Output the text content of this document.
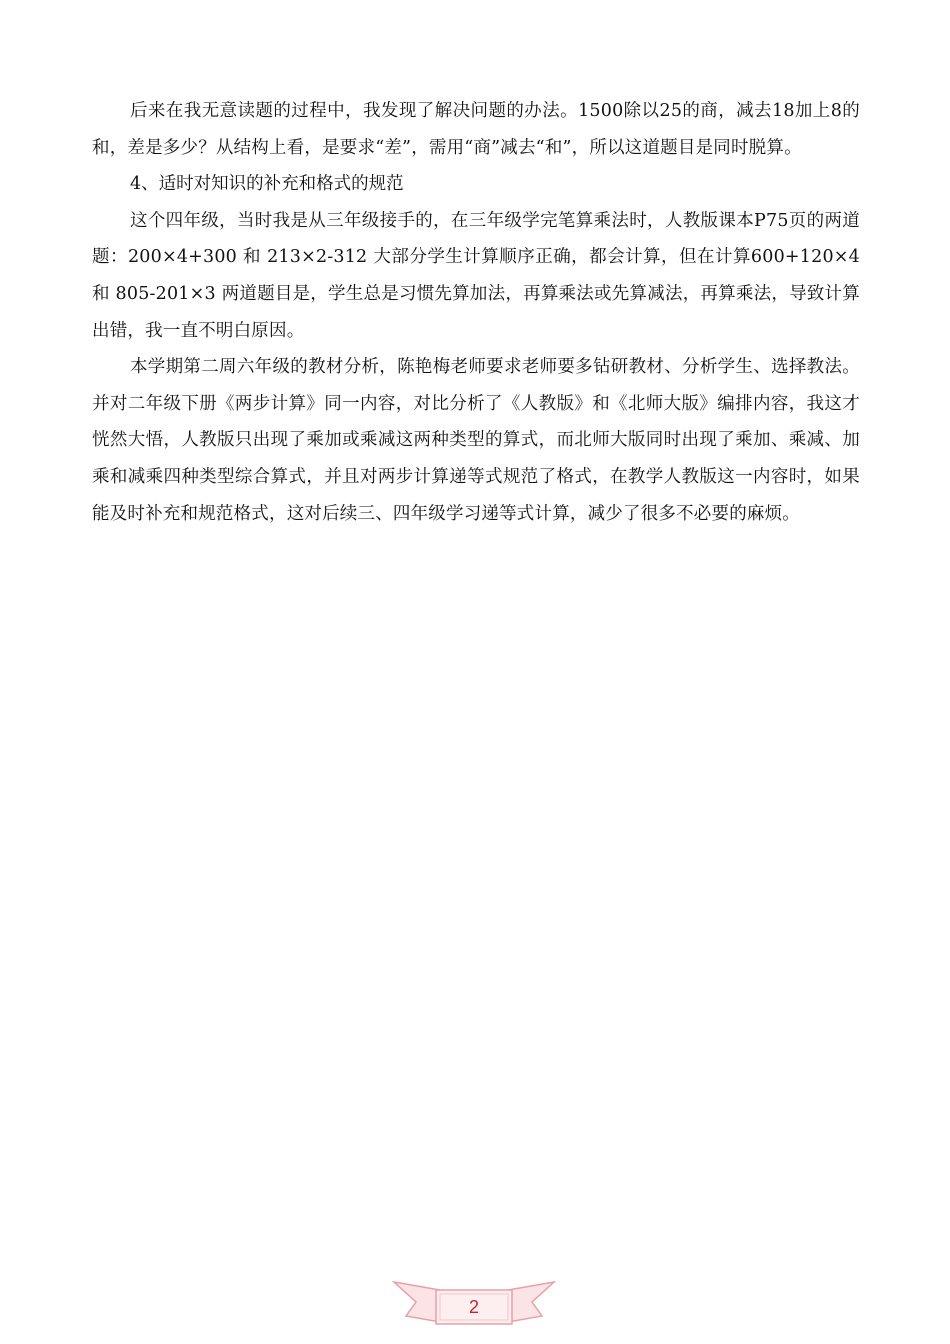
后来在我无意读题的过程中，我发现了解决问题的办法。1500除以25的商，减去18加上8的和，差是多少？从结构上看，是要求“差”，需用“商”减去“和”，所以这道题目是同时脱算。

4、适时对知识的补充和格式的规范

这个四年级，当时我是从三年级接手的，在三年级学完笔算乘法时，人教版课本P75页的两道题：200×4+300 和 213×2-312 大部分学生计算顺序正确，都会计算，但在计算600+120×4 和 805-201×3 两道题目是，学生总是习惯先算加法，再算乘法或先算减法，再算乘法，导致计算出错，我一直不明白原因。

本学期第二周六年级的教材分析，陈艳梅老师要求老师要多钻研教材、分析学生、选择教法。并对二年级下册《两步计算》同一内容，对比分析了《人教版》和《北师大版》编排内容，我这才恍然大悟，人教版只出现了乘加或乘减这两种类型的算式，而北师大版同时出现了乘加、乘减、加乘和减乘四种类型综合算式，并且对两步计算递等式规范了格式，在教学人教版这一内容时，如果能及时补充和规范格式，这对后续三、四年级学习递等式计算，减少了很多不必要的麻烦。

2
